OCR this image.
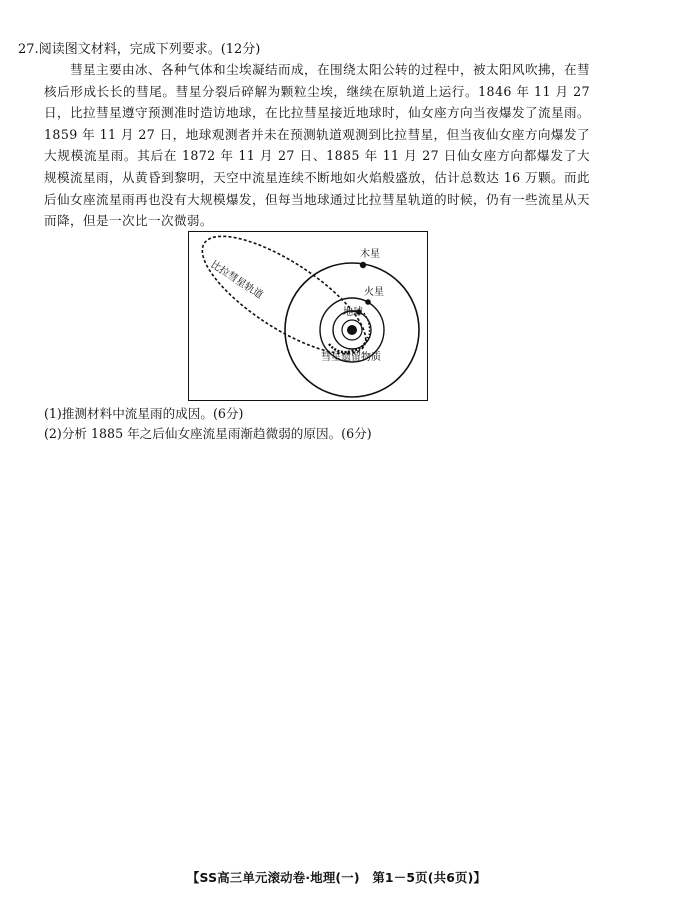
27.阅读图文材料，完成下列要求。(12分)

彗星主要由冰、各种气体和尘埃凝结而成，在围绕太阳公转的过程中，被太阳风吹拂，在彗核后形成长长的彗尾。彗星分裂后碎解为颗粒尘埃，继续在原轨道上运行。1846 年 11 月 27 日，比拉彗星遵守预测准时造访地球，在比拉彗星接近地球时，仙女座方向当夜爆发了流星雨。1859 年 11 月 27 日，地球观测者并未在预测轨道观测到比拉彗星，但当夜仙女座方向爆发了大规模流星雨。其后在 1872 年 11 月 27 日、1885 年 11 月 27 日仙女座方向都爆发了大规模流星雨，从黄昏到黎明，天空中流星连续不断地如火焰般盛放，估计总数达 16 万颗。而此后仙女座流星雨再也没有大规模爆发，但每当地球通过比拉彗星轨道的时候，仍有一些流星从天而降，但是一次比一次微弱。

木星
火星
地球
彗星遗留物质
比拉彗星轨道
(1)推测材料中流星雨的成因。(6分)
(2)分析 1885 年之后仙女座流星雨渐趋微弱的原因。(6分)
【SS高三单元滚动卷·地理(一)　第1－5页(共6页)】
